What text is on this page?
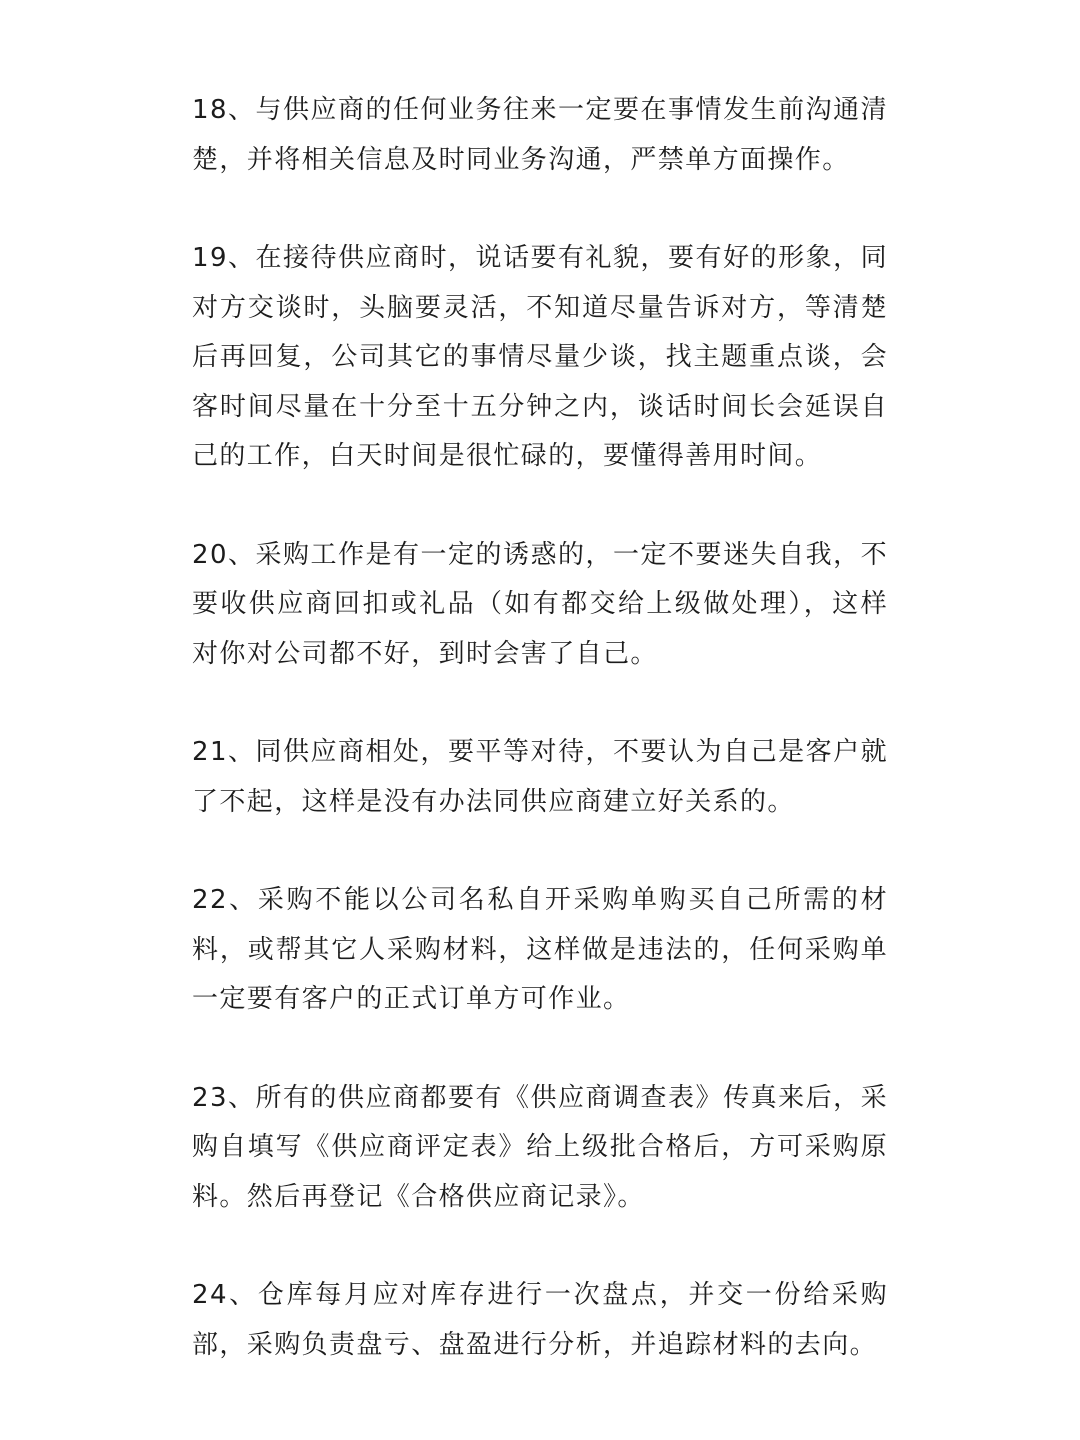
18、与供应商的任何业务往来一定要在事情发生前沟通清楚，并将相关信息及时同业务沟通，严禁单方面操作。

19、在接待供应商时，说话要有礼貌，要有好的形象，同对方交谈时，头脑要灵活，不知道尽量告诉对方，等清楚后再回复，公司其它的事情尽量少谈，找主题重点谈，会客时间尽量在十分至十五分钟之内，谈话时间长会延误自己的工作，白天时间是很忙碌的，要懂得善用时间。

20、采购工作是有一定的诱惑的，一定不要迷失自我，不要收供应商回扣或礼品（如有都交给上级做处理），这样对你对公司都不好，到时会害了自己。

21、同供应商相处，要平等对待，不要认为自己是客户就了不起，这样是没有办法同供应商建立好关系的。

22、采购不能以公司名私自开采购单购买自己所需的材料，或帮其它人采购材料，这样做是违法的，任何采购单一定要有客户的正式订单方可作业。

23、所有的供应商都要有《供应商调查表》传真来后，采购自填写《供应商评定表》给上级批合格后，方可采购原料。然后再登记《合格供应商记录》。

24、仓库每月应对库存进行一次盘点，并交一份给采购部，采购负责盘亏、盘盈进行分析，并追踪材料的去向。
